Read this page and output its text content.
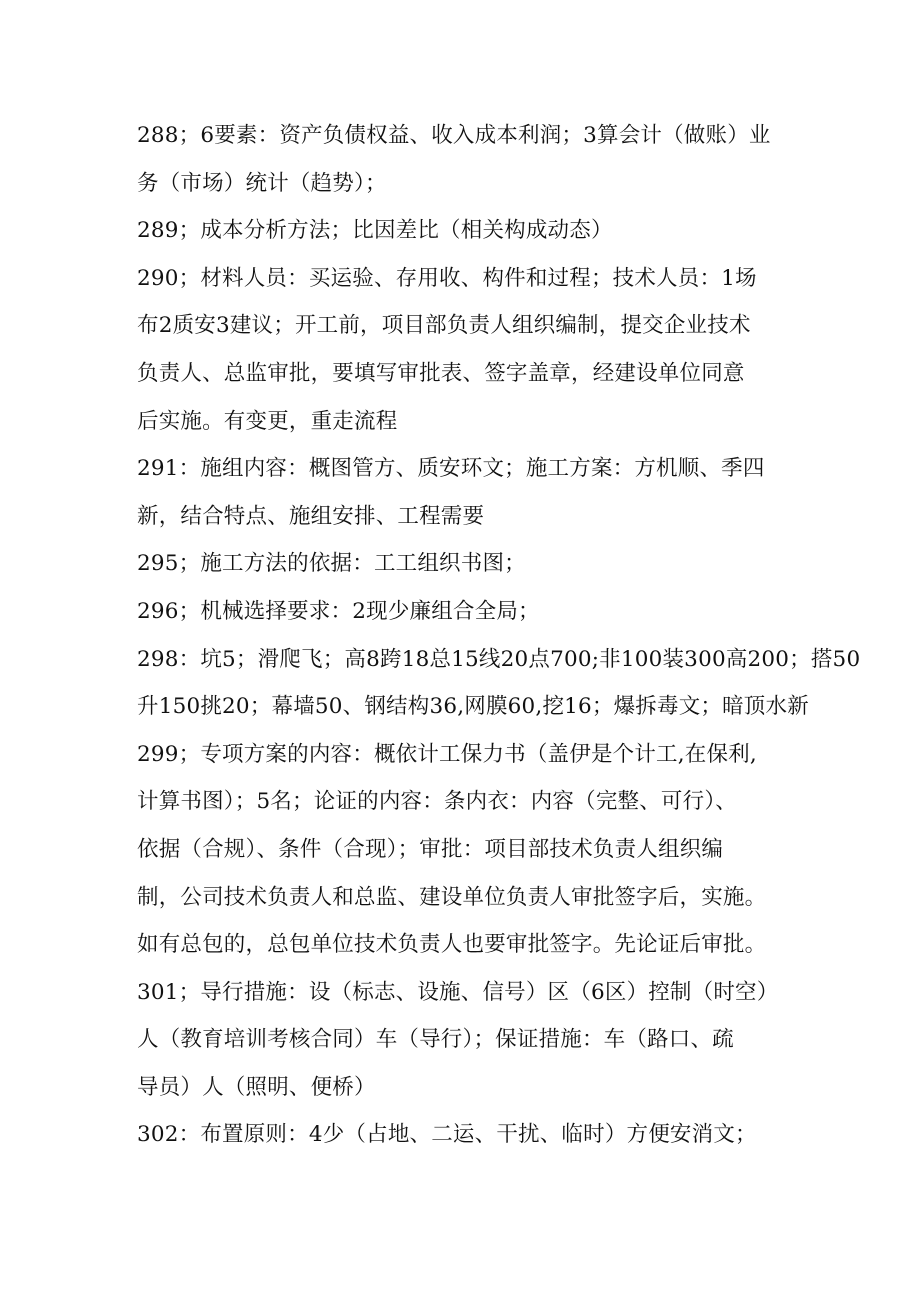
288；6要素：资产负债权益、收入成本利润；3算会计（做账）业
务（市场）统计（趋势）；
289；成本分析方法；比因差比（相关构成动态）
290；材料人员：买运验、存用收、构件和过程；技术人员：1场
布2质安3建议；开工前，项目部负责人组织编制，提交企业技术
负责人、总监审批，要填写审批表、签字盖章，经建设单位同意
后实施。有变更，重走流程
291：施组内容：概图管方、质安环文；施工方案：方机顺、季四
新，结合特点、施组安排、工程需要
295；施工方法的依据：工工组织书图；
296；机械选择要求：2现少廉组合全局；
298：坑5；滑爬飞；高8跨18总15线20点700;非100装300高200；搭50
升150挑20；幕墙50、钢结构36,网膜60,挖16；爆拆毒文；暗顶水新
299；专项方案的内容：概依计工保力书（盖伊是个计工,在保利,
计算书图）；5名；论证的内容：条内衣：内容（完整、可行）、
依据（合规）、条件（合现）；审批：项目部技术负责人组织编
制，公司技术负责人和总监、建设单位负责人审批签字后，实施。
如有总包的，总包单位技术负责人也要审批签字。先论证后审批。
301；导行措施：设（标志、设施、信号）区（6区）控制（时空）
人（教育培训考核合同）车（导行）；保证措施：车（路口、疏
导员）人（照明、便桥）
302：布置原则：4少（占地、二运、干扰、临时）方便安消文；
